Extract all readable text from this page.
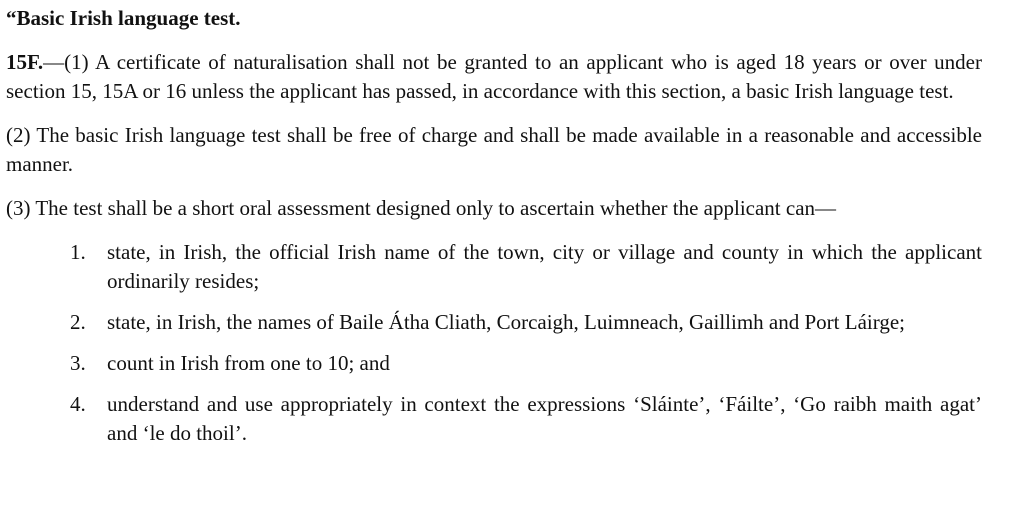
“Basic Irish language test.

15F.—(1) A certificate of naturalisation shall not be granted to an applicant who is aged 18 years or over under section 15, 15A or 16 unless the applicant has passed, in accordance with this section, a basic Irish language test.

(2) The basic Irish language test shall be free of charge and shall be made available in a reasonable and accessible manner.

(3) The test shall be a short oral assessment designed only to ascertain whether the applicant can—

1. state, in Irish, the official Irish name of the town, city or village and county in which the applicant ordinarily resides;
2. state, in Irish, the names of Baile Átha Cliath, Corcaigh, Luimneach, Gaillimh and Port Láirge;
3. count in Irish from one to 10; and
4. understand and use appropriately in context the expressions ‘Sláinte’, ‘Fáilte’, ‘Go raibh maith agat’ and ‘le do thoil’.
